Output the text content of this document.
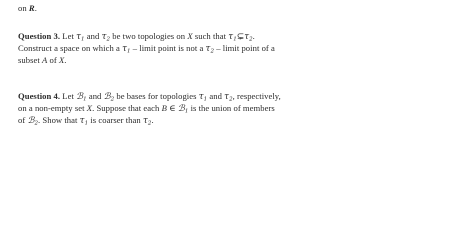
on R.
Question 3. Let $\tau_1$ and $\tau_2$ be two topologies on X such that $\tau_1⊊\tau_2$.
Construct a space on which a $\tau_1$ – limit point is not a $\tau_2$ – limit point of a
subset A of X.
Question 4. Let ℬ$_1$ and ℬ$_2$ be bases for topologies $\tau_1$ and $\tau_2$, respectively,
on a non-empty set X. Suppose that each B ∈ ℬ$_1$ is the union of members
of ℬ$_2$. Show that $\tau_1$ is coarser than $\tau_2$.
